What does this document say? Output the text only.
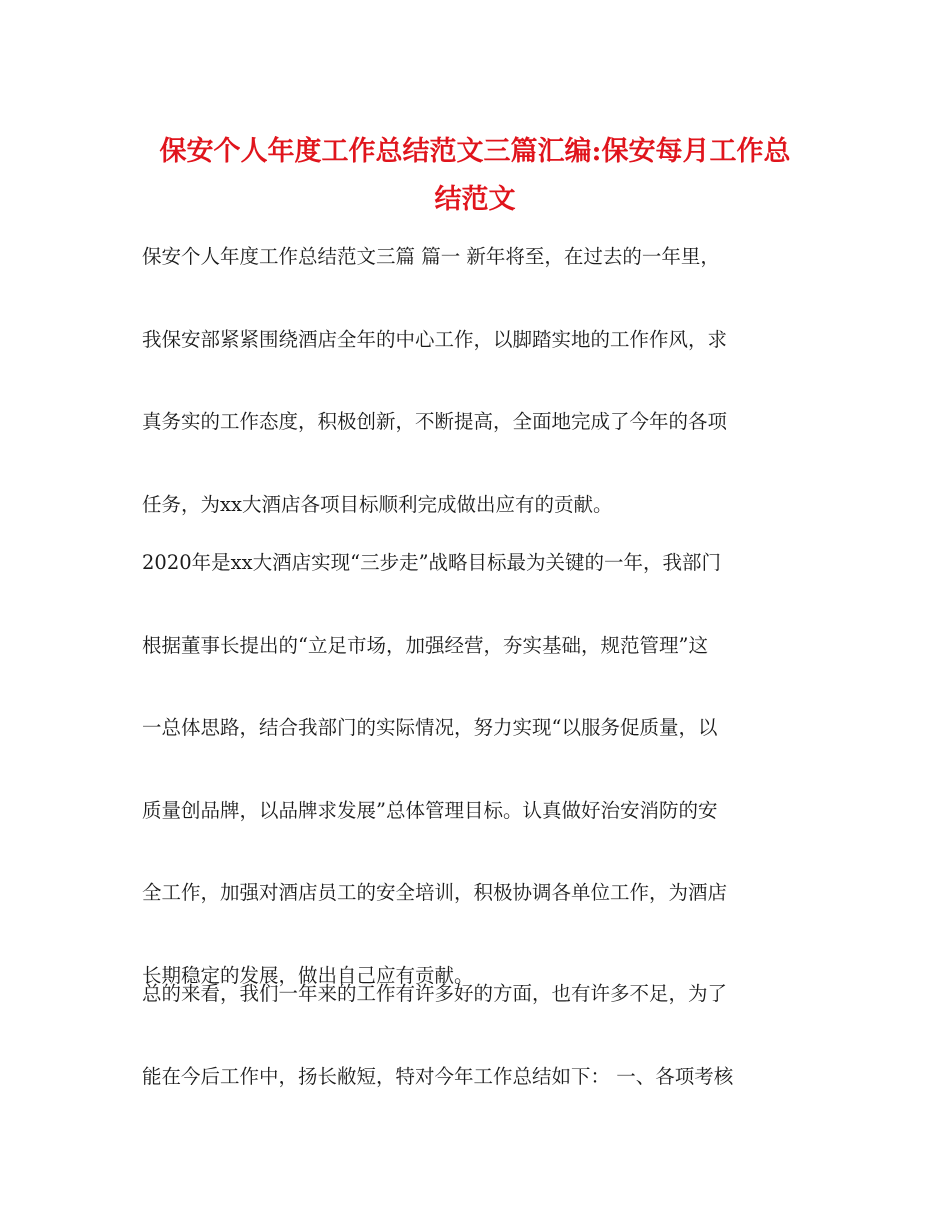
保安个人年度工作总结范文三篇汇编:保安每月工作总
结范文

保安个人年度工作总结范文三篇 篇一 新年将至，在过去的一年里，
我保安部紧紧围绕酒店全年的中心工作，以脚踏实地的工作作风，求
真务实的工作态度，积极创新，不断提高，全面地完成了今年的各项
任务，为xx大酒店各项目标顺利完成做出应有的贡献。

2020年是xx大酒店实现“三步走”战略目标最为关键的一年，我部门
根据董事长提出的“立足市场，加强经营，夯实基础，规范管理”这
一总体思路，结合我部门的实际情况，努力实现“以服务促质量，以
质量创品牌，以品牌求发展”总体管理目标。认真做好治安消防的安
全工作，加强对酒店员工的安全培训，积极协调各单位工作，为酒店
长期稳定的发展，做出自己应有贡献。

总的来看，我们一年来的工作有许多好的方面，也有许多不足，为了
能在今后工作中，扬长敝短，特对今年工作总结如下： 一、各项考核
